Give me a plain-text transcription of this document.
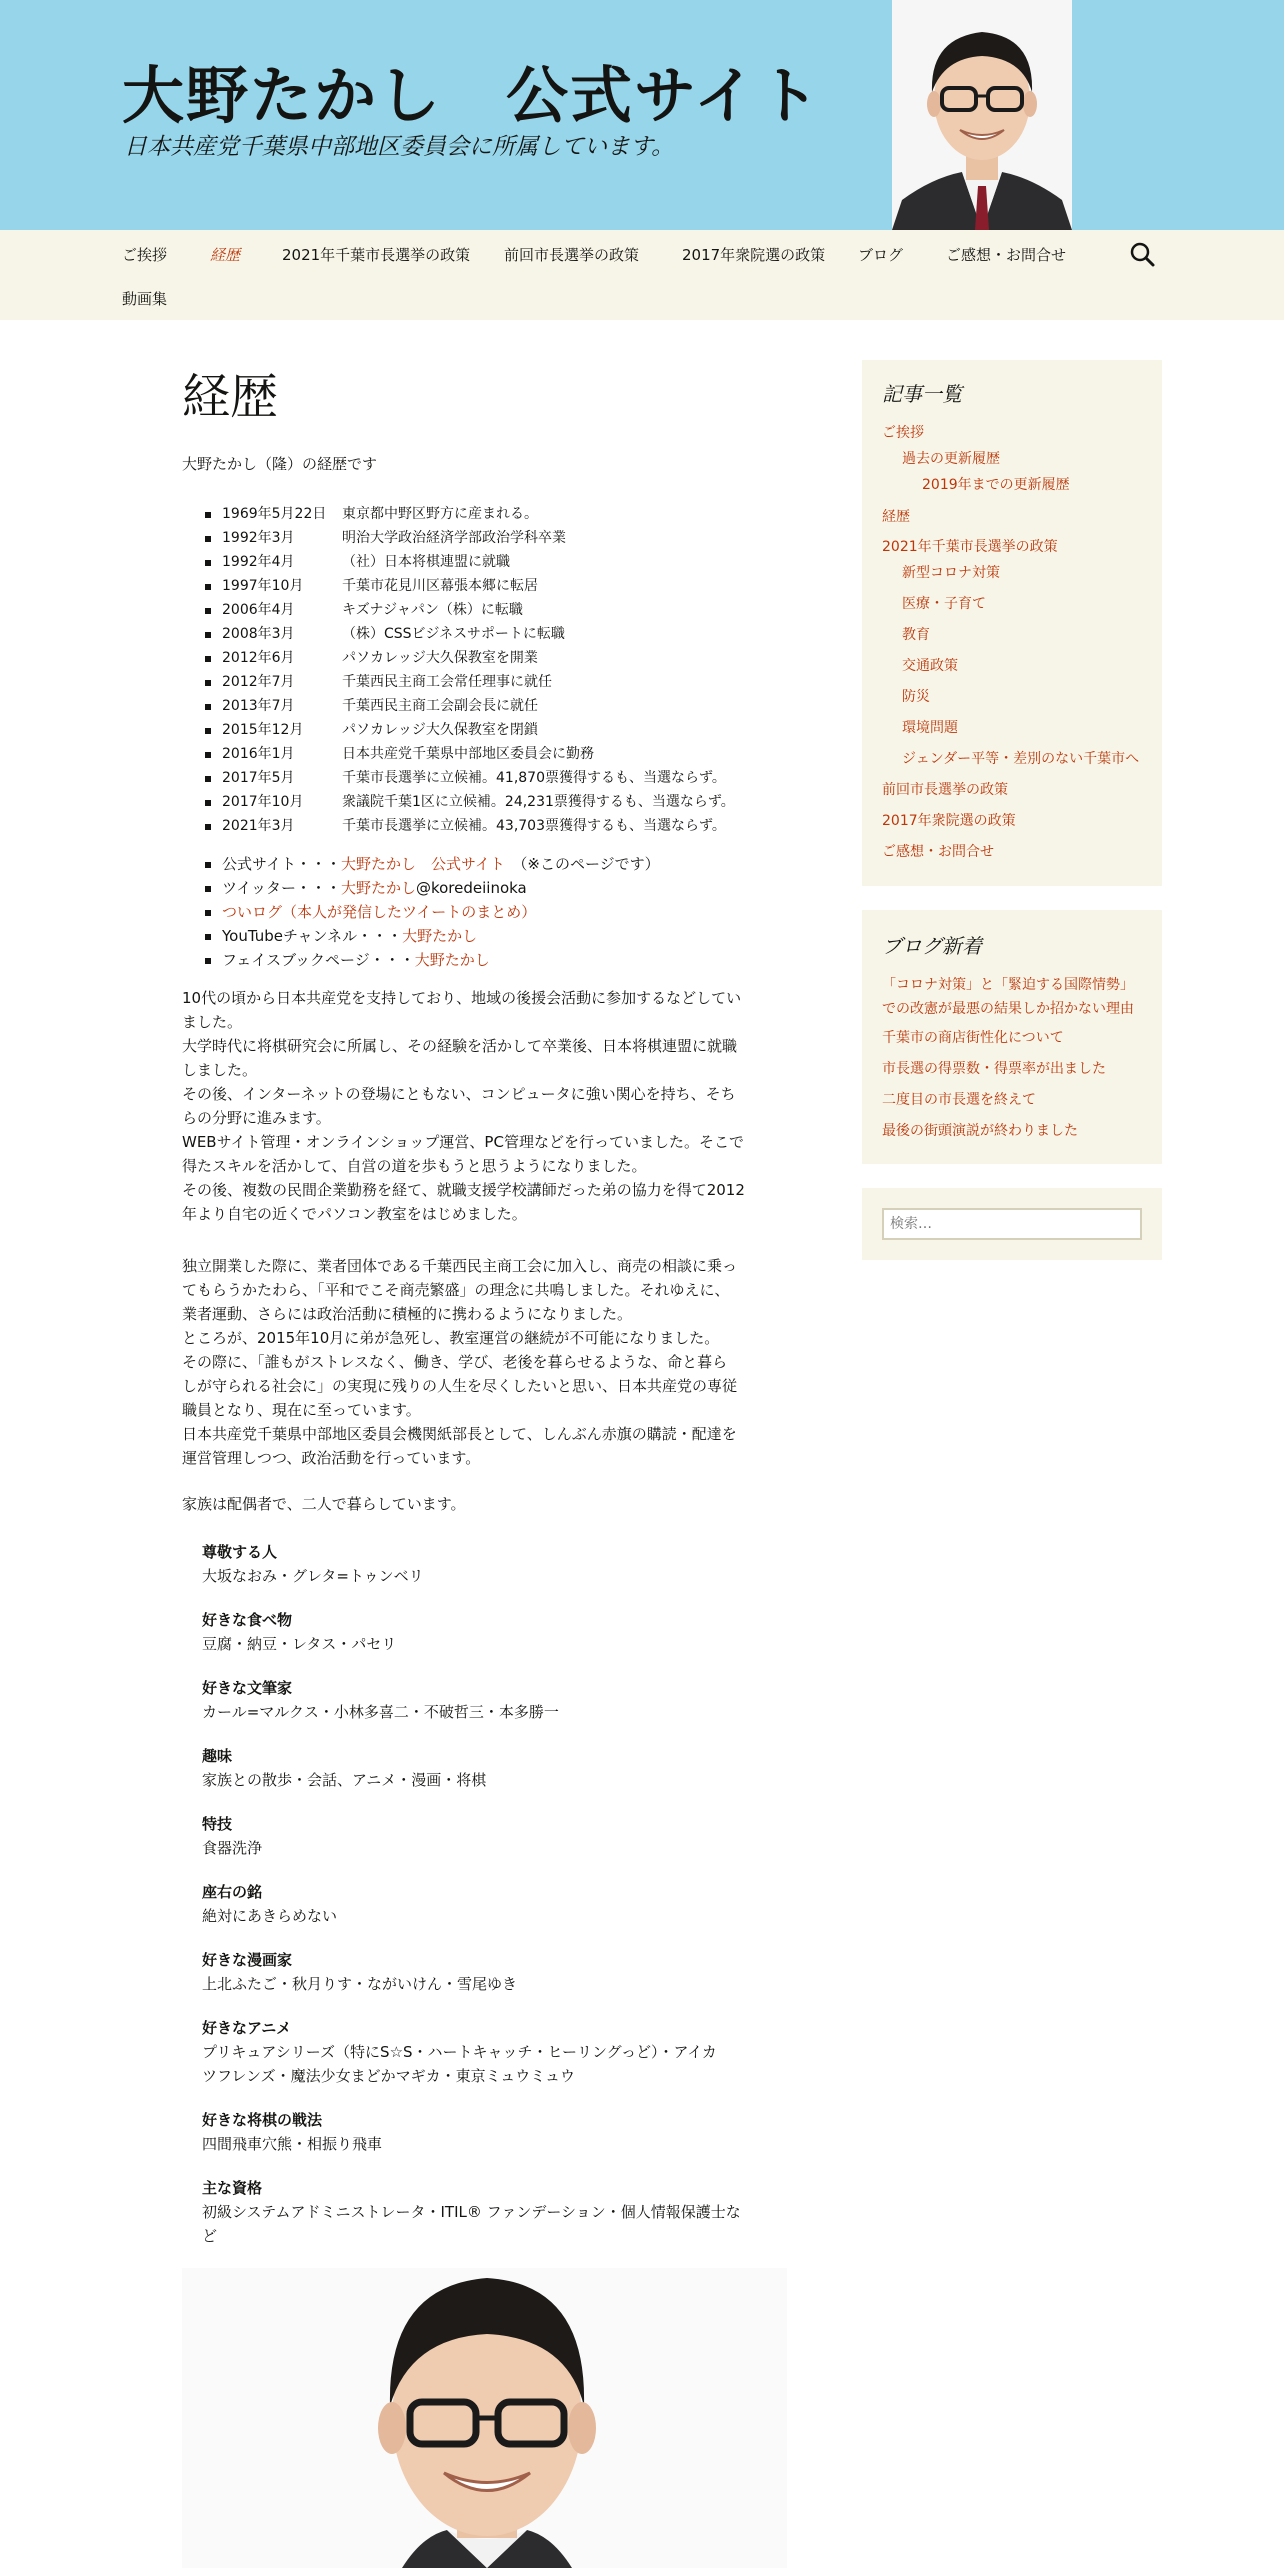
大野たかし　公式サイト
日本共産党千葉県中部地区委員会に所属しています。
ご挨拶	経歴	2021年千葉市長選挙の政策 前回市長選挙の政策	2017年衆院選の政策 ブログ	ご感想・お問合せ
動画集
経歴
大野たかし（隆）の経歴です
1969年5月22日 東京都中野区野方に産まれる。
1992年3月	明治大学政治経済学部政治学科卒業
1992年4月	（社）日本将棋連盟に就職
1997年10月	千葉市花見川区幕張本郷に転居
2006年4月	キズナジャパン（株）に転職
2008年3月	（株）CSSビジネスサポートに転職
2012年6月	パソカレッジ大久保教室を開業
2012年7月	千葉西民主商工会常任理事に就任
2013年7月	千葉西民主商工会副会長に就任
2015年12月	パソカレッジ大久保教室を閉鎖
2016年1月	日本共産党千葉県中部地区委員会に勤務
2017年5月	千葉市長選挙に立候補。41,870票獲得するも、当選ならず。
2017年10月	衆議院千葉1区に立候補。24,231票獲得するも、当選ならず。
2021年3月	千葉市長選挙に立候補。43,703票獲得するも、当選ならず。
公式サイト・・・大野たかし　公式サイト　（※このページです）
ツイッター・・・大野たかし@koredeiinoka
ついログ（本人が発信したツイートのまとめ）
YouTubeチャンネル・・・大野たかし
フェイスブックページ・・・大野たかし
10代の頃から日本共産党を支持しており、地域の後援会活動に参加するなどしてい
ました。
大学時代に将棋研究会に所属し、その経験を活かして卒業後、日本将棋連盟に就職
しました。
その後、インターネットの登場にともない、コンピュータに強い関心を持ち、そち
らの分野に進みます。
WEBサイト管理・オンラインショップ運営、PC管理などを行っていました。そこで
得たスキルを活かして、自営の道を歩もうと思うようになりました。
その後、複数の民間企業勤務を経て、就職支援学校講師だった弟の協力を得て2012
年より自宅の近くでパソコン教室をはじめました。
独立開業した際に、業者団体である千葉西民主商工会に加入し、商売の相談に乗っ
てもらうかたわら、「平和でこそ商売繁盛」の理念に共鳴しました。それゆえに、
業者運動、さらには政治活動に積極的に携わるようになりました。
ところが、2015年10月に弟が急死し、教室運営の継続が不可能になりました。
その際に、「誰もがストレスなく、働き、学び、老後を暮らせるような、命と暮ら
しが守られる社会に」の実現に残りの人生を尽くしたいと思い、日本共産党の専従
職員となり、現在に至っています。
日本共産党千葉県中部地区委員会機関紙部長として、しんぶん赤旗の購読・配達を
運営管理しつつ、政治活動を行っています。
家族は配偶者で、二人で暮らしています。
尊敬する人
大坂なおみ・グレタ=トゥンベリ
好きな食べ物
豆腐・納豆・レタス・パセリ
好きな文筆家
カール=マルクス・小林多喜二・不破哲三・本多勝一
趣味
家族との散歩・会話、アニメ・漫画・将棋
特技
食器洗浄
座右の銘
絶対にあきらめない
好きな漫画家
上北ふたご・秋月りす・ながいけん・雪尾ゆき
好きなアニメ
プリキュアシリーズ（特にS☆S・ハートキャッチ・ヒーリングっど）・アイカ
ツフレンズ・魔法少女まどかマギカ・東京ミュウミュウ
好きな将棋の戦法
四間飛車穴熊・相振り飛車
主な資格
初級システムアドミニストレータ・ITIL® ファンデーション・個人情報保護士な
ど
記事一覧
ご挨拶
過去の更新履歴
2019年までの更新履歴
経歴
2021年千葉市長選挙の政策
新型コロナ対策
医療・子育て
教育
交通政策
防災
環境問題
ジェンダー平等・差別のない千葉市へ
前回市長選挙の政策
2017年衆院選の政策
ご感想・お問合せ
ブログ新着
「コロナ対策」と「緊迫する国際情勢」
での改憲が最悪の結果しか招かない理由
千葉市の商店街性化について
市長選の得票数・得票率が出ました
二度目の市長選を終えて
最後の街頭演説が終わりました
検索…
